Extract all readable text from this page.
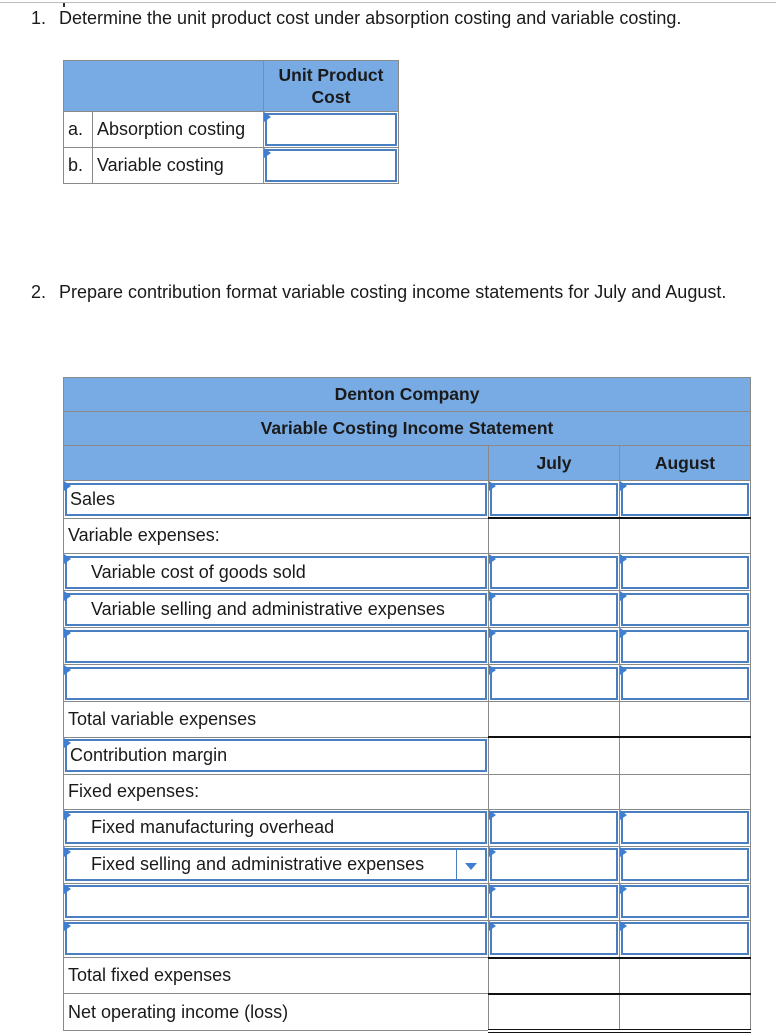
1. Determine the unit product cost under absorption costing and variable costing.
		Unit Product Cost
a.	Absorption costing	

b.	Variable costing	
2. Prepare contribution format variable costing income statements for July and August.
Denton Company		
Variable Costing Income Statement		
	July	August

Sales		

Variable expenses:		

Variable cost of goods sold		

Variable selling and administrative expenses		

Total variable expenses		

Contribution margin		

Fixed expenses:		

Fixed manufacturing overhead		

Fixed selling and administrative expenses		

Total fixed expenses		
Net operating income (loss)		
